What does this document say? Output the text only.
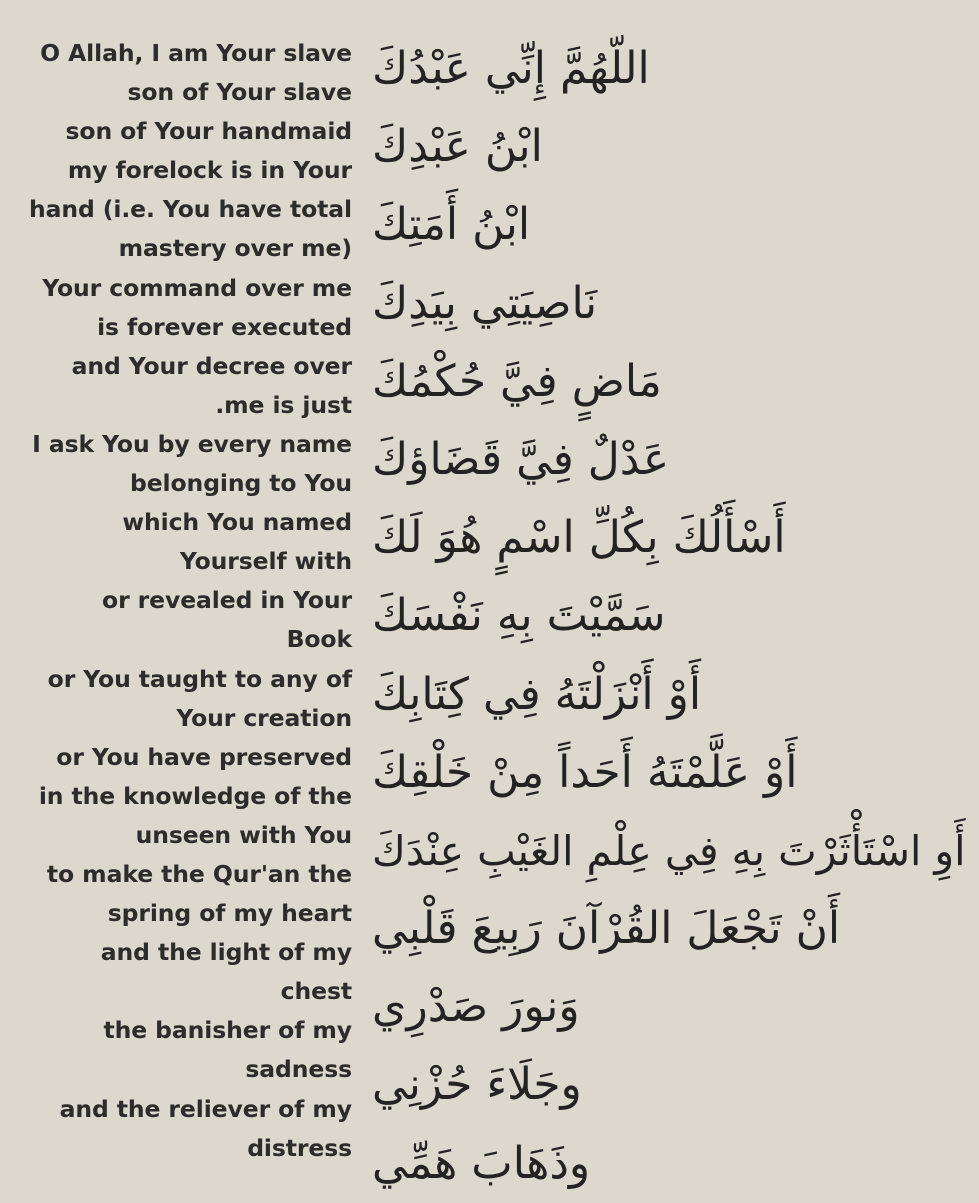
O Allah, I am Your slave
son of Your slave
son of Your handmaid
my forelock is in Your
hand (i.e. You have total
mastery over me)
Your command over me
is forever executed
and Your decree over
.me is just
I ask You by every name
belonging to You
which You named
Yourself with
or revealed in Your
Book
or You taught to any of
Your creation
or You have preserved
in the knowledge of the
unseen with You
to make the Qur'an the
spring of my heart
and the light of my
chest
the banisher of my
sadness
and the reliever of my
distress
اللّهُمَّ إِنِّي عَبْدُكَ
ابْنُ عَبْدِكَ
ابْنُ أَمَتِكَ
نَاصِيَتِي بِيَدِكَ
مَاضٍ فِيَّ حُكْمُكَ
عَدْلٌ فِيَّ قَضَاؤكَ
أَسْأَلُكَ بِكُلِّ اسْمٍ هُوَ لَكَ
سَمَّيْتَ بِهِ نَفْسَكَ
أَوْ أَنْزَلْتَهُ فِي كِتَابِكَ
أَوْ عَلَّمْتَهُ أَحَداً مِنْ خَلْقِكَ
أَوِ اسْتَأْثَرْتَ بِهِ فِي عِلْمِ الغَيْبِ عِنْدَكَ
أَنْ تَجْعَلَ القُرْآنَ رَبِيعَ قَلْبِي
وَنورَ صَدْرِي
وجَلَاءَ حُزْنِي
وذَهَابَ هَمِّي
